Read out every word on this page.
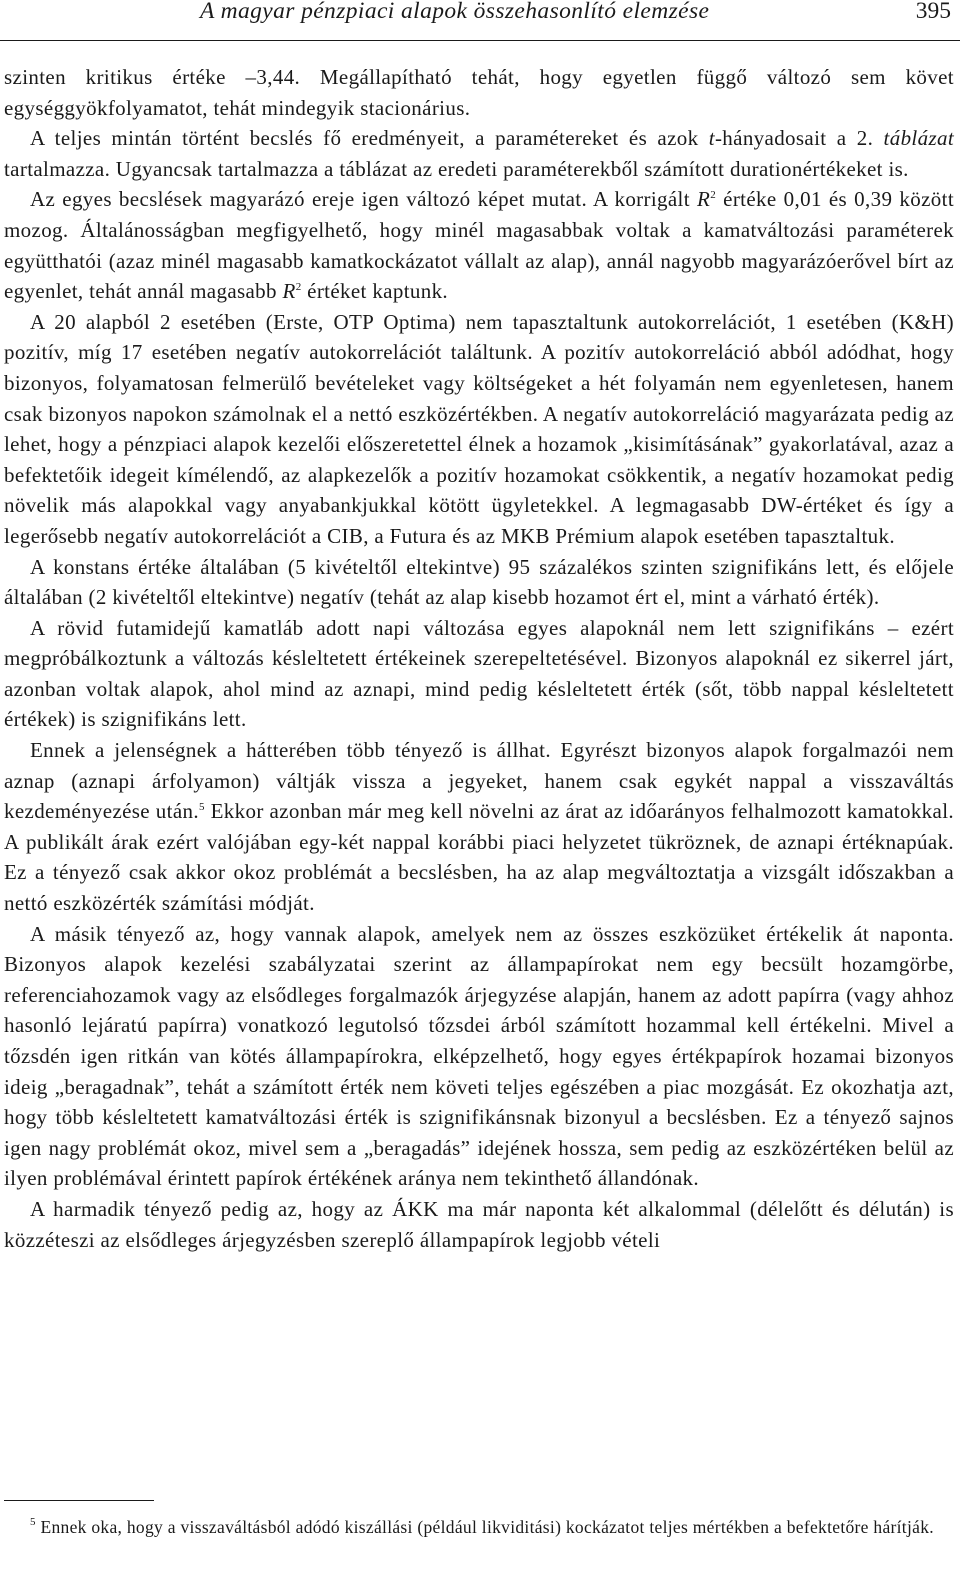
A magyar pénzpiaci alapok összehasonlító elemzése	395

szinten kritikus értéke –3,44. Megállapítható tehát, hogy egyetlen függő változó sem követ egységgyökfolyamatot, tehát mindegyik stacionárius.

A teljes mintán történt becslés fő eredményeit, a paramétereket és azok t-hányadosait a 2. táblázat tartalmazza. Ugyancsak tartalmazza a táblázat az eredeti paraméterekből számított durationértékeket is.

Az egyes becslések magyarázó ereje igen változó képet mutat. A korrigált $R^2$ értéke 0,01 és 0,39 között mozog. Általánosságban megfigyelhető, hogy minél magasabbak voltak a kamatváltozási paraméterek együtthatói (azaz minél magasabb kamatkockázatot vállalt az alap), annál nagyobb magyarázóerővel bírt az egyenlet, tehát annál magasabb $R^2$ értéket kaptunk.

A 20 alapból 2 esetében (Erste, OTP Optima) nem tapasztaltunk autokorrelációt, 1 esetében (K&H) pozitív, míg 17 esetében negatív autokorrelációt találtunk. A pozitív autokorreláció abból adódhat, hogy bizonyos, folyamatosan felmerülő bevételeket vagy költségeket a hét folyamán nem egyenletesen, hanem csak bizonyos napokon számolnak el a nettó eszközértékben. A negatív autokorreláció magyarázata pedig az lehet, hogy a pénzpiaci alapok kezelői előszeretettel élnek a hozamok „kisimításának” gyakorlatával, azaz a befektetőik idegeit kímélendő, az alapkezelők a pozitív hozamokat csökkentik, a negatív hozamokat pedig növelik más alapokkal vagy anyabankjukkal kötött ügyletekkel. A legmagasabb DW-értéket és így a legerősebb negatív autokorrelációt a CIB, a Futura és az MKB Prémium alapok esetében tapasztaltuk.

A konstans értéke általában (5 kivételtől eltekintve) 95 százalékos szinten szignifikáns lett, és előjele általában (2 kivételtől eltekintve) negatív (tehát az alap kisebb hozamot ért el, mint a várható érték).

A rövid futamidejű kamatláb adott napi változása egyes alapoknál nem lett szignifikáns – ezért megpróbálkoztunk a változás késleltetett értékeinek szerepeltetésével. Bizonyos alapoknál ez sikerrel járt, azonban voltak alapok, ahol mind az aznapi, mind pedig késleltetett érték (sőt, több nappal késleltetett értékek) is szignifikáns lett.

Ennek a jelenségnek a hátterében több tényező is állhat. Egyrészt bizonyos alapok forgalmazói nem aznap (aznapi árfolyamon) váltják vissza a jegyeket, hanem csak egykét nappal a visszaváltás kezdeményezése után.$^5$ Ekkor azonban már meg kell növelni az árat az időarányos felhalmozott kamatokkal. A publikált árak ezért valójában egy-két nappal korábbi piaci helyzetet tükröznek, de aznapi értéknapúak. Ez a tényező csak akkor okoz problémát a becslésben, ha az alap megváltoztatja a vizsgált időszakban a nettó eszközérték számítási módját.

A másik tényező az, hogy vannak alapok, amelyek nem az összes eszközüket értékelik át naponta. Bizonyos alapok kezelési szabályzatai szerint az állampapírokat nem egy becsült hozamgörbe, referenciahozamok vagy az elsődleges forgalmazók árjegyzése alapján, hanem az adott papírra (vagy ahhoz hasonló lejáratú papírra) vonatkozó legutolsó tőzsdei árból számított hozammal kell értékelni. Mivel a tőzsdén igen ritkán van kötés állampapírokra, elképzelhető, hogy egyes értékpapírok hozamai bizonyos ideig „beragadnak”, tehát a számított érték nem követi teljes egészében a piac mozgását. Ez okozhatja azt, hogy több késleltetett kamatváltozási érték is szignifikánsnak bizonyul a becslésben. Ez a tényező sajnos igen nagy problémát okoz, mivel sem a „beragadás” idejének hossza, sem pedig az eszközértéken belül az ilyen problémával érintett papírok értékének aránya nem tekinthető állandónak.

A harmadik tényező pedig az, hogy az ÁKK ma már naponta két alkalommal (délelőtt és délután) is közzéteszi az elsődleges árjegyzésben szereplő állampapírok legjobb vételi

$^5$ Ennek oka, hogy a visszaváltásból adódó kiszállási (például likviditási) kockázatot teljes mértékben a befektetőre hárítják.
